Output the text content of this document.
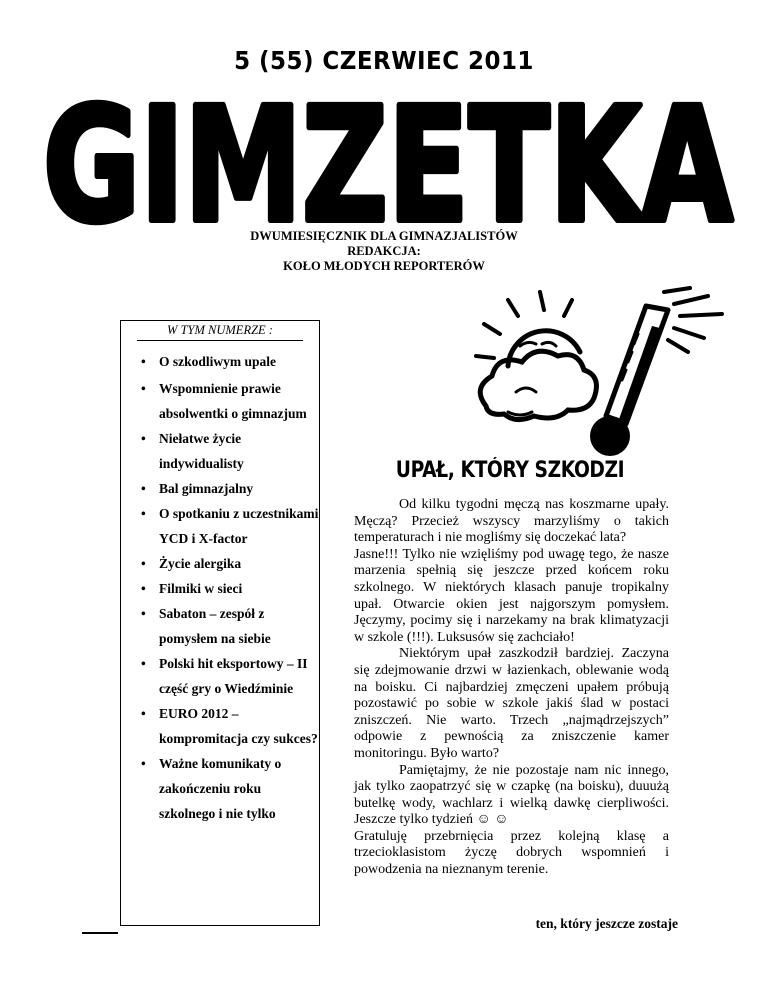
5 (55) CZERWIEC 2011
GIMZETKA
DWUMIESIĘCZNIK DLA GIMNAZJALISTÓW
REDAKCJA:
KOŁO MŁODYCH REPORTERÓW
W TYM NUMERZE :
• O szkodliwym upale
• Wspomnienie prawie absolwentki o gimnazjum
• Niełatwe życie indywidualisty
• Bal gimnazjalny
• O spotkaniu z uczestnikami YCD i X-factor
• Życie alergika
• Filmiki w sieci
• Sabaton – zespół z pomysłem na siebie
• Polski hit eksportowy – II część gry o Wiedźminie
• EURO 2012 – kompromitacja czy sukces?
• Ważne komunikaty o zakończeniu roku szkolnego i nie tylko
UPAŁ, KTÓRY SZKODZI

Od kilku tygodni męczą nas koszmarne upały. Męczą? Przecież wszyscy marzyliśmy o takich temperaturach i nie mogliśmy się doczekać lata?

Jasne!!! Tylko nie wzięliśmy pod uwagę tego, że nasze marzenia spełnią się jeszcze przed końcem roku szkolnego. W niektórych klasach panuje tropikalny upał. Otwarcie okien jest najgorszym pomysłem. Jęczymy, pocimy się i narzekamy na brak klimatyzacji w szkole (!!!). Luksusów się zachciało!

Niektórym upał zaszkodził bardziej. Zaczyna się zdejmowanie drzwi w łazienkach, oblewanie wodą na boisku. Ci najbardziej zmęczeni upałem próbują pozostawić po sobie w szkole jakiś ślad w postaci zniszczeń. Nie warto. Trzech „najmądrzejszych” odpowie z pewnością za zniszczenie kamer monitoringu. Było warto?

Pamiętajmy, że nie pozostaje nam nic innego, jak tylko zaopatrzyć się w czapkę (na boisku), duuużą butelkę wody, wachlarz i wielką dawkę cierpliwości. Jeszcze tylko tydzień ☺ ☺

Gratuluję przebrnięcia przez kolejną klasę a trzecioklasistom życzę dobrych wspomnień i powodzenia na nieznanym terenie.

ten, który jeszcze zostaje
